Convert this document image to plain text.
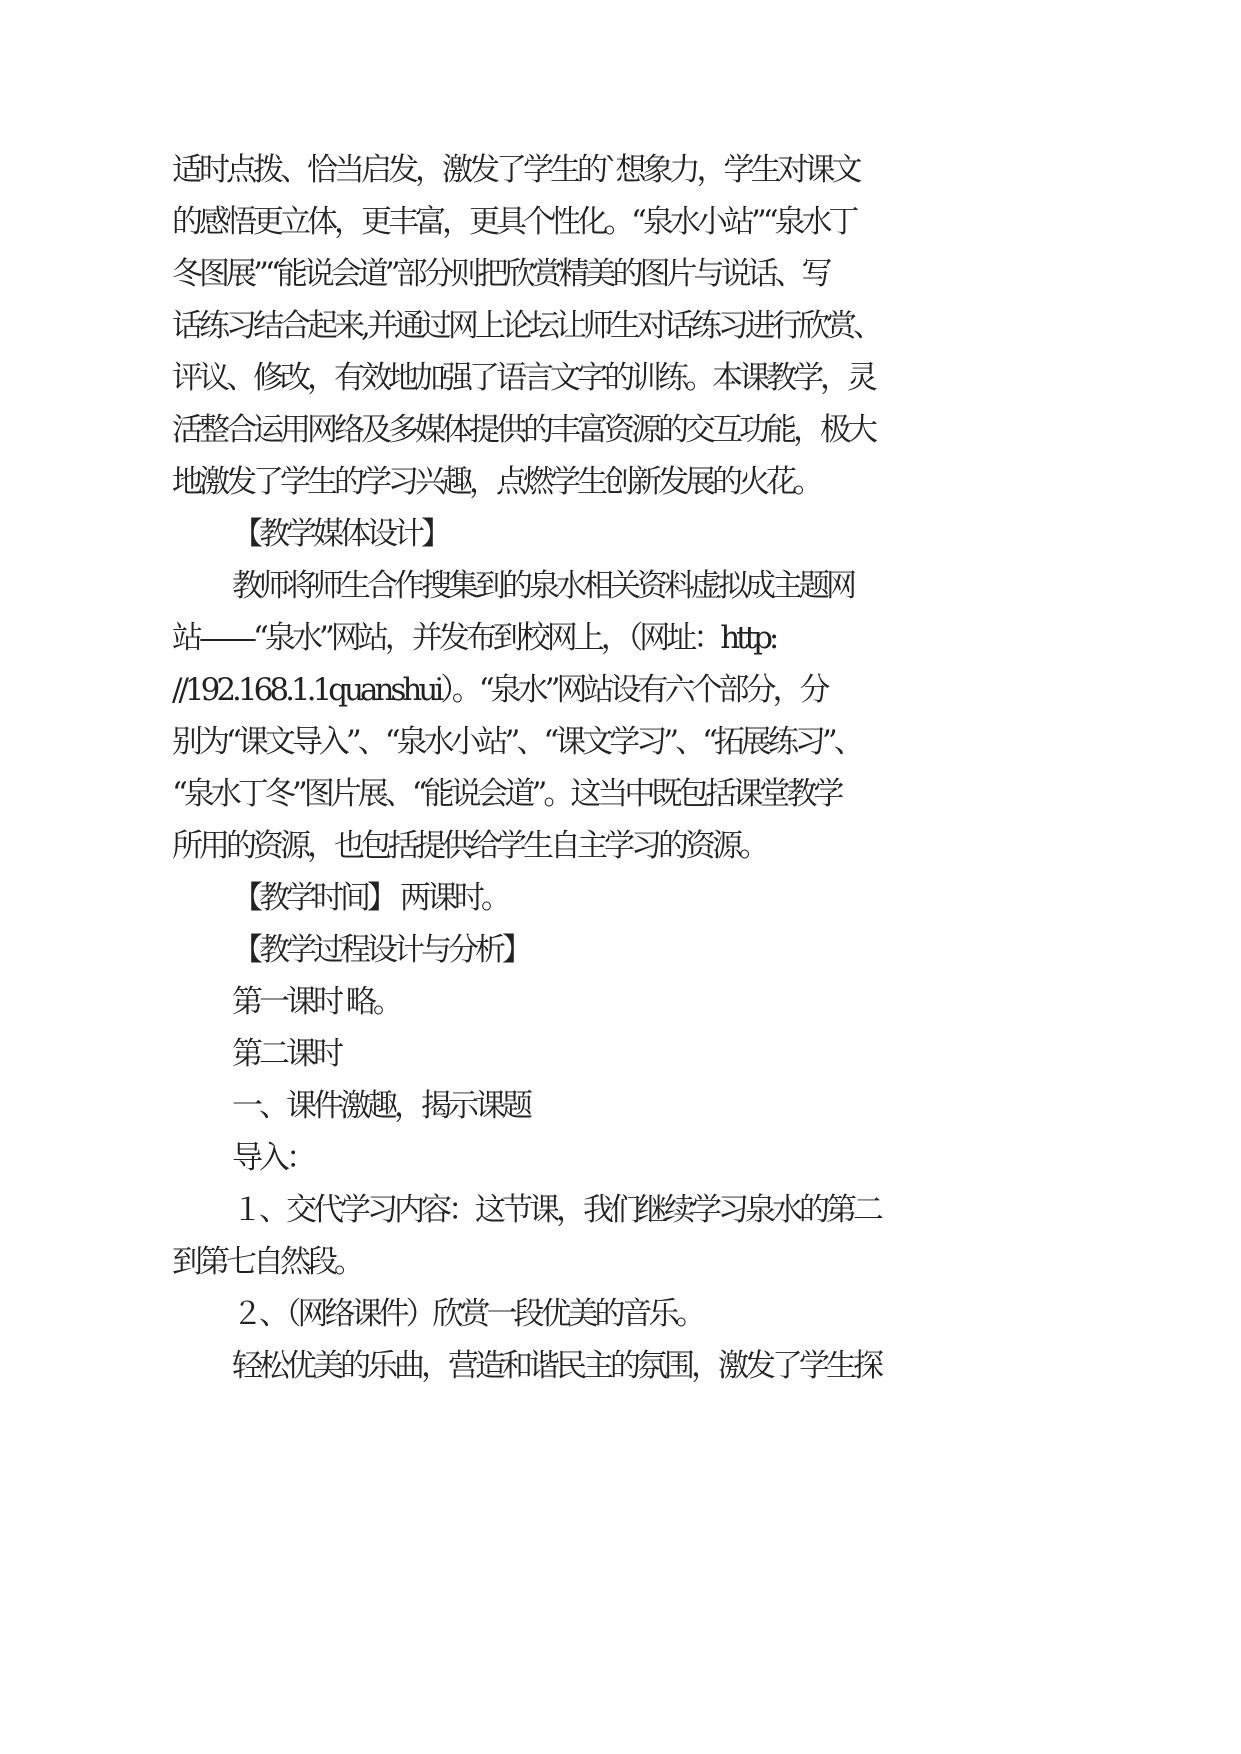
适时点拨、恰当启发，激发了学生的`想象力，学生对课文
的感悟更立体，更丰富，更具个性化。“泉水小站”“泉水丁
冬图展”“能说会道”部分则把欣赏精美的图片与说话、写
话练习结合起来,并通过网上论坛让师生对话练习进行欣赏、
评议、修改，有效地加强了语言文字的训练。本课教学，灵
活整合运用网络及多媒体提供的丰富资源的交互功能，极大
地激发了学生的学习兴趣，点燃学生创新发展的火花。
【教学媒体设计】
教师将师生合作搜集到的泉水相关资料虚拟成主题网
站——“泉水”网站，并发布到校网上，（网址：http:
//192.168.1.1quanshui）。“泉水”网站设有六个部分，分
别为“课文导入”、“泉水小站”、“课文学习”、“拓展练习”、
“泉水丁冬”图片展、“能说会道”。这当中既包括课堂教学
所用的资源，也包括提供给学生自主学习的资源。
【教学时间】 两课时。
【教学过程设计与分析】
第一课时 略。
第二课时
一、课件激趣，揭示课题
导入：
１、交代学习内容：这节课，我们继续学习泉水的第二
到第七自然段。
２、（网络课件）欣赏一段优美的音乐。
轻松优美的乐曲，营造和谐民主的氛围，激发了学生探
